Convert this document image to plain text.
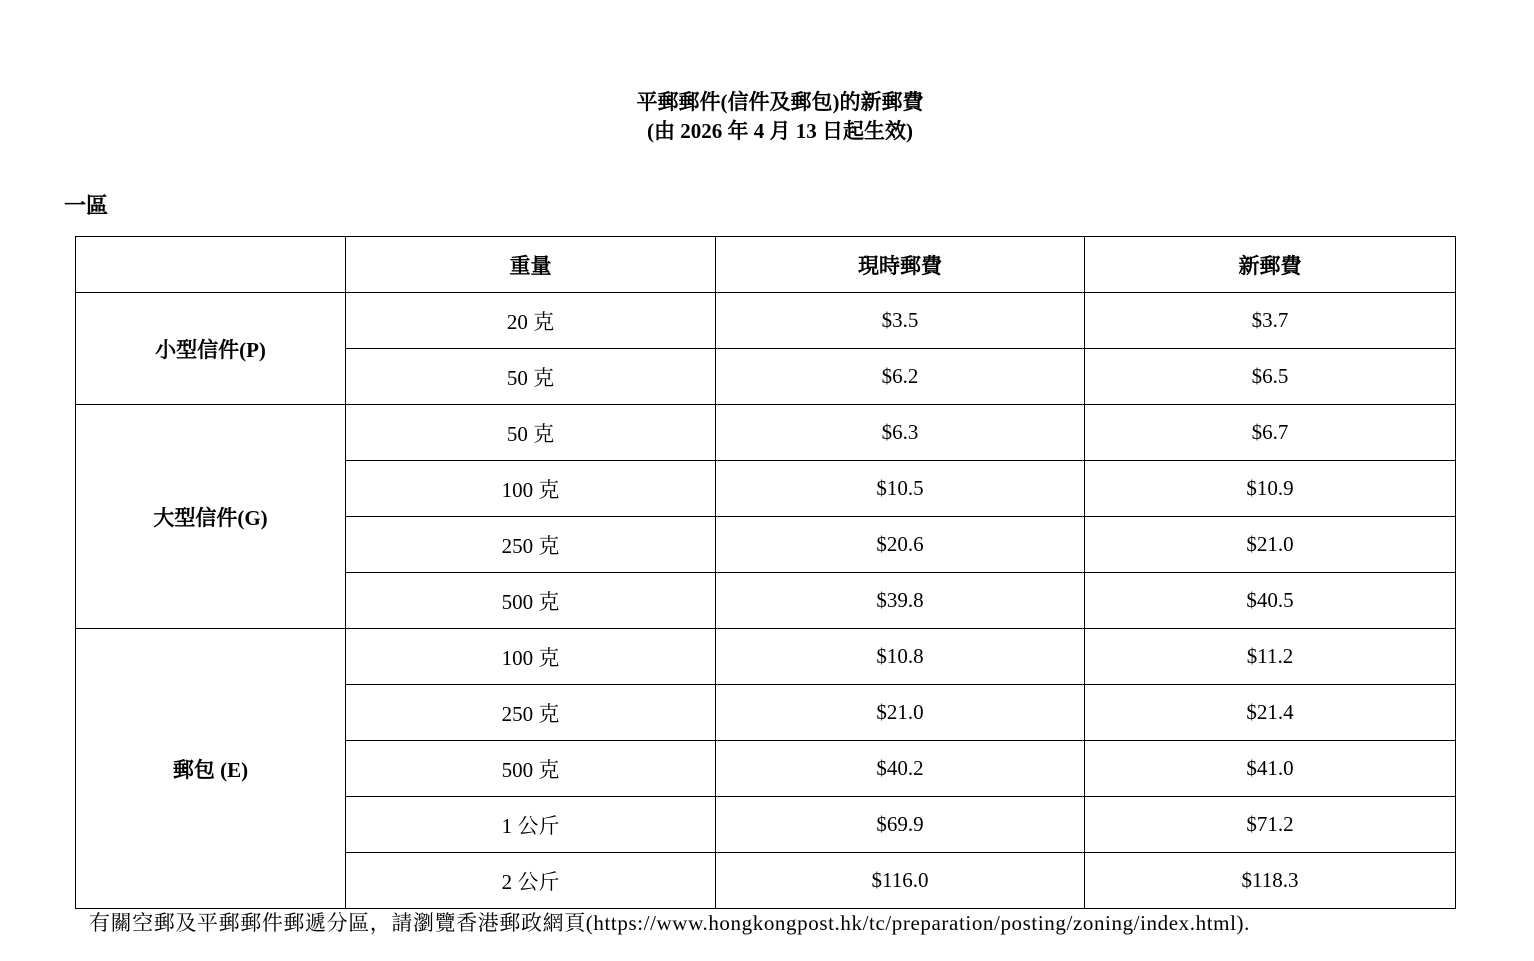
平郵郵件(信件及郵包)的新郵費
(由 2026 年 4 月 13 日起生效)
一區
	重量	現時郵費	新郵費
小型信件(P)	20 克	$3.5	$3.7
	50 克	$6.2	$6.5
大型信件(G)	50 克	$6.3	$6.7
	100 克	$10.5	$10.9
	250 克	$20.6	$21.0
	500 克	$39.8	$40.5
郵包 (E)	100 克	$10.8	$11.2
	250 克	$21.0	$21.4
	500 克	$40.2	$41.0
	1 公斤	$69.9	$71.2
	2 公斤	$116.0	$118.3
有關空郵及平郵郵件郵遞分區，請瀏覽香港郵政網頁(https://www.hongkongpost.hk/tc/preparation/posting/zoning/index.html).
